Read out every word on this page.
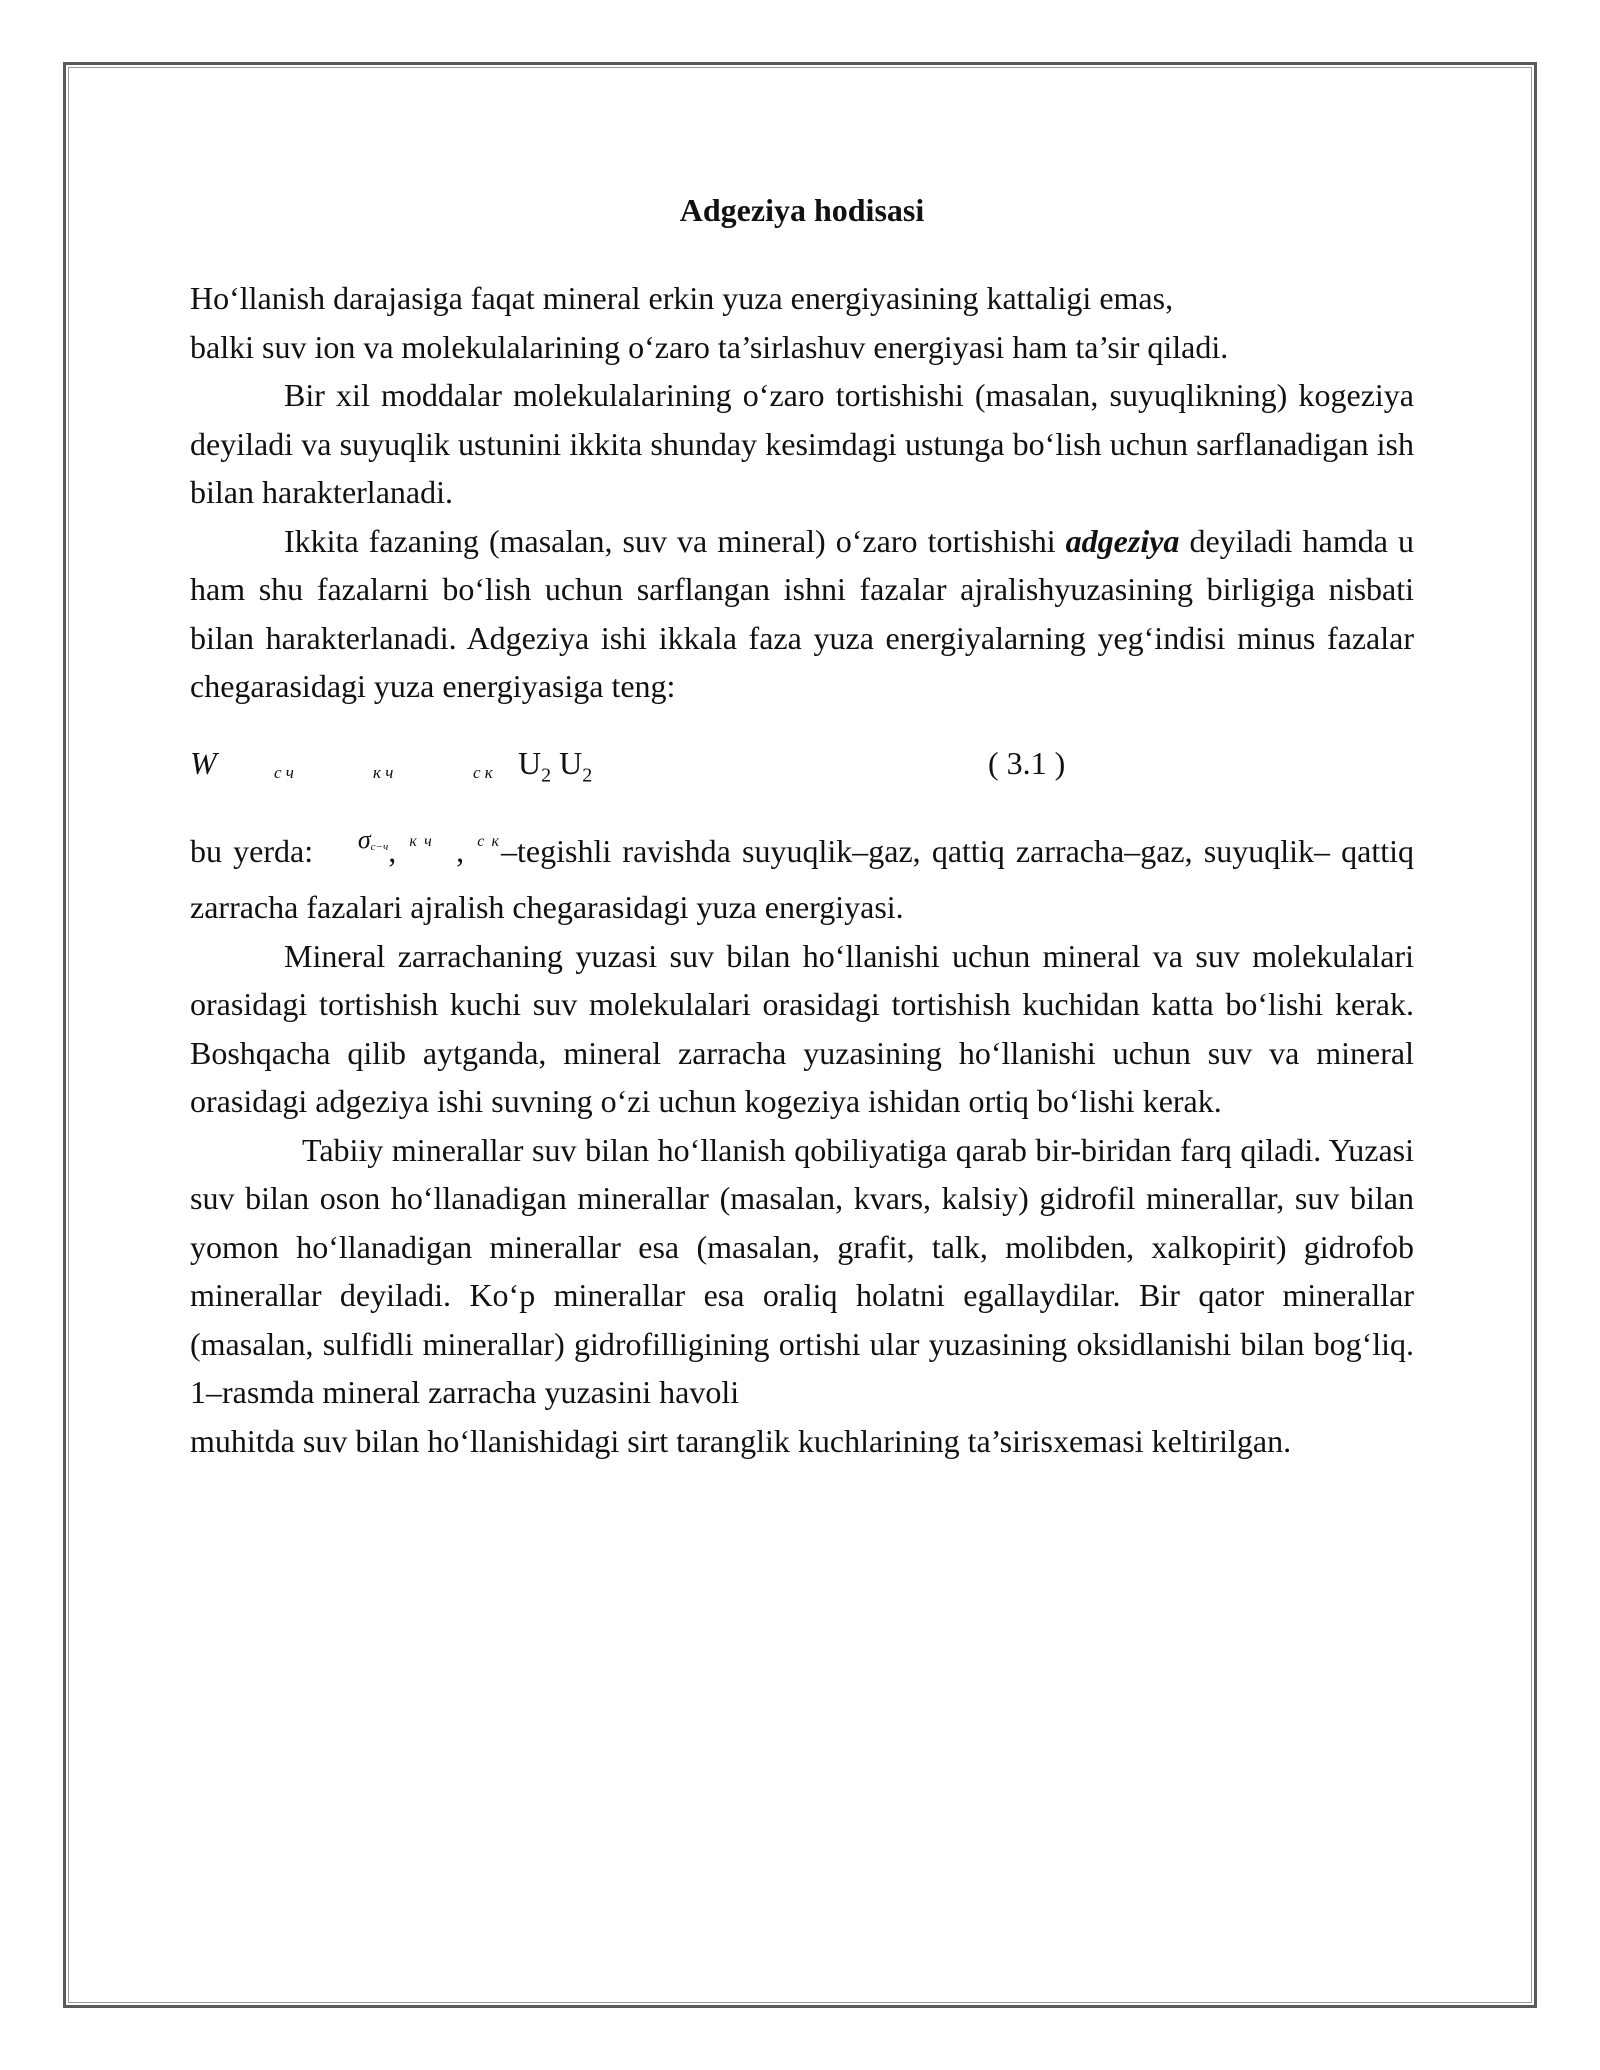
Adgeziya hodisasi

Ho‘llanish darajasiga faqat mineral erkin yuza energiyasining kattaligi emas,

balki suv ion va molekulalarining o‘zaro ta’sirlashuv energiyasi ham ta’sir qiladi.

Bir xil moddalar molekulalarining o‘zaro tortishishi (masalan, suyuqlikning) kogeziya deyiladi va suyuqlik ustunini ikkita shunday kesimdagi ustunga bo‘lish uchun sarflanadigan ish bilan harakterlanadi.

Ikkita fazaning (masalan, suv va mineral) o‘zaro tortishishi adgeziya deyiladi hamda u ham shu fazalarni bo‘lish uchun sarflangan ishni fazalar ajralishyuzasining birligiga nisbati bilan harakterlanadi. Adgeziya ishi ikkala faza yuza energiyalarning yeg‘indisi minus fazalar chegarasidagi yuza energiyasiga teng:

W	с ч	к ч	с к $U_2$ $U_2$	( 3.1 )

bu yerda: $^{\sigma с-ч}$, $^{к ч}$ , $^{с к}$–tegishli ravishda suyuqlik–gaz, qattiq zarracha–gaz, suyuqlik– qattiq zarracha fazalari ajralish chegarasidagi yuza energiyasi.

Mineral zarrachaning yuzasi suv bilan ho‘llanishi uchun mineral va suv molekulalari orasidagi tortishish kuchi suv molekulalari orasidagi tortishish kuchidan katta bo‘lishi kerak. Boshqacha qilib aytganda, mineral zarracha yuzasining ho‘llanishi uchun suv va mineral orasidagi adgeziya ishi suvning o‘zi uchun kogeziya ishidan ortiq bo‘lishi kerak.

Tabiiy minerallar suv bilan ho‘llanish qobiliyatiga qarab bir-biridan farq qiladi. Yuzasi suv bilan oson ho‘llanadigan minerallar (masalan, kvars, kalsiy) gidrofil minerallar, suv bilan yomon ho‘llanadigan minerallar esa (masalan, grafit, talk, molibden, xalkopirit) gidrofob minerallar deyiladi. Ko‘p minerallar esa oraliq holatni egallaydilar. Bir qator minerallar (masalan, sulfidli minerallar) gidrofilligining ortishi ular yuzasining oksidlanishi bilan bog‘liq. 1–rasmda mineral zarracha yuzasini havoli

muhitda suv bilan ho‘llanishidagi sirt taranglik kuchlarining ta’sirisxemasi keltirilgan.
